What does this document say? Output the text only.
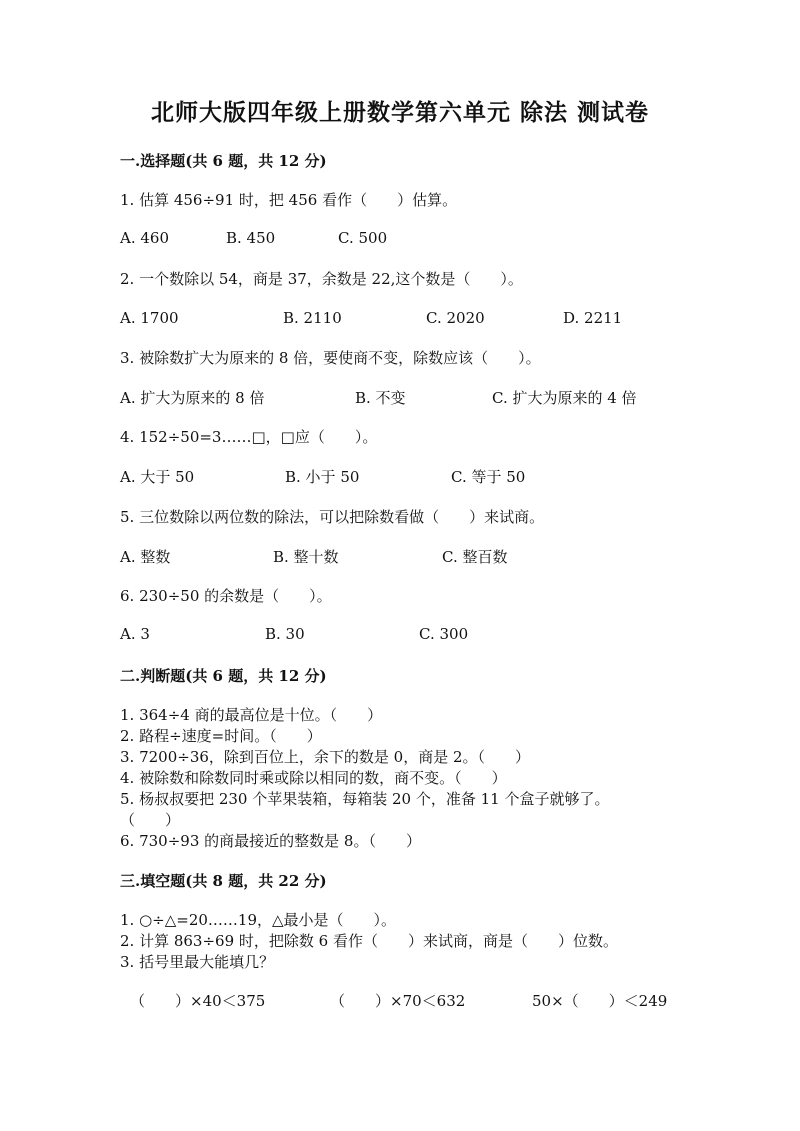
北师大版四年级上册数学第六单元 除法 测试卷
一.选择题(共 6 题，共 12 分)
1. 估算 456÷91 时，把 456 看作（　　）估算。
A. 460	B. 450	C. 500
2. 一个数除以 54，商是 37，余数是 22,这个数是（　　）。
A. 1700	B. 2110	C. 2020	D. 2211
3. 被除数扩大为原来的 8 倍，要使商不变，除数应该（　　）。
A. 扩大为原来的 8 倍	B. 不变	C. 扩大为原来的 4 倍
4. 152÷50=3……□，□应（　　）。
A. 大于 50	B. 小于 50	C. 等于 50
5. 三位数除以两位数的除法，可以把除数看做（　　）来试商。
A. 整数	B. 整十数	C. 整百数
6. 230÷50 的余数是（　　）。
A. 3	B. 30	C. 300
二.判断题(共 6 题，共 12 分)
1. 364÷4 商的最高位是十位。（　　）
2. 路程÷速度=时间。（　　）
3. 7200÷36，除到百位上，余下的数是 0，商是 2。（　　）
4. 被除数和除数同时乘或除以相同的数，商不变。（　　）
5. 杨叔叔要把 230 个苹果装箱，每箱装 20 个，准备 11 个盒子就够了。
（　　）
6. 730÷93 的商最接近的整数是 8。（　　）
三.填空题(共 8 题，共 22 分)
1. ○÷△=20……19，△最小是（　　）。
2. 计算 863÷69 时，把除数 6 看作（　　）来试商，商是（　　）位数。
3. 括号里最大能填几？
（　　）×40＜375	（　　）×70＜632	50×（　　）＜249
